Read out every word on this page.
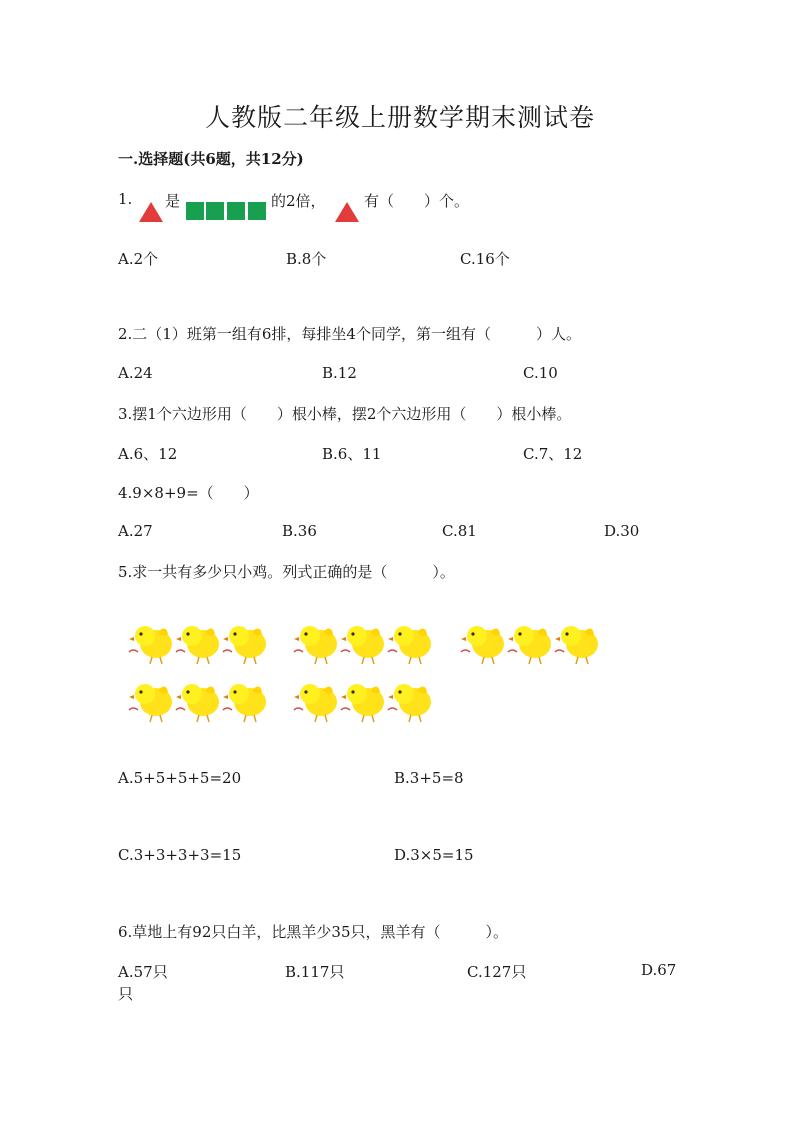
人教版二年级上册数学期末测试卷
一.选择题(共6题，共12分)
1. 是	的2倍，	有（　　）个。
A.2个	B.8个	C.16个
2.二（1）班第一组有6排，每排坐4个同学，第一组有（　　　）人。
A.24	B.12	C.10
3.摆1个六边形用（　　）根小棒，摆2个六边形用（　　）根小棒。
A.6、12	B.6、11	C.7、12
4.9×8+9=（　　）
A.27	B.36	C.81	D.30
5.求一共有多少只小鸡。列式正确的是（　　　）。
A.5+5+5+5=20	B.3+5=8
C.3+3+3+3=15	D.3×5=15
6.草地上有92只白羊，比黑羊少35只，黑羊有（　　　）。
A.57只	B.117只	C.127只	D.67
只
